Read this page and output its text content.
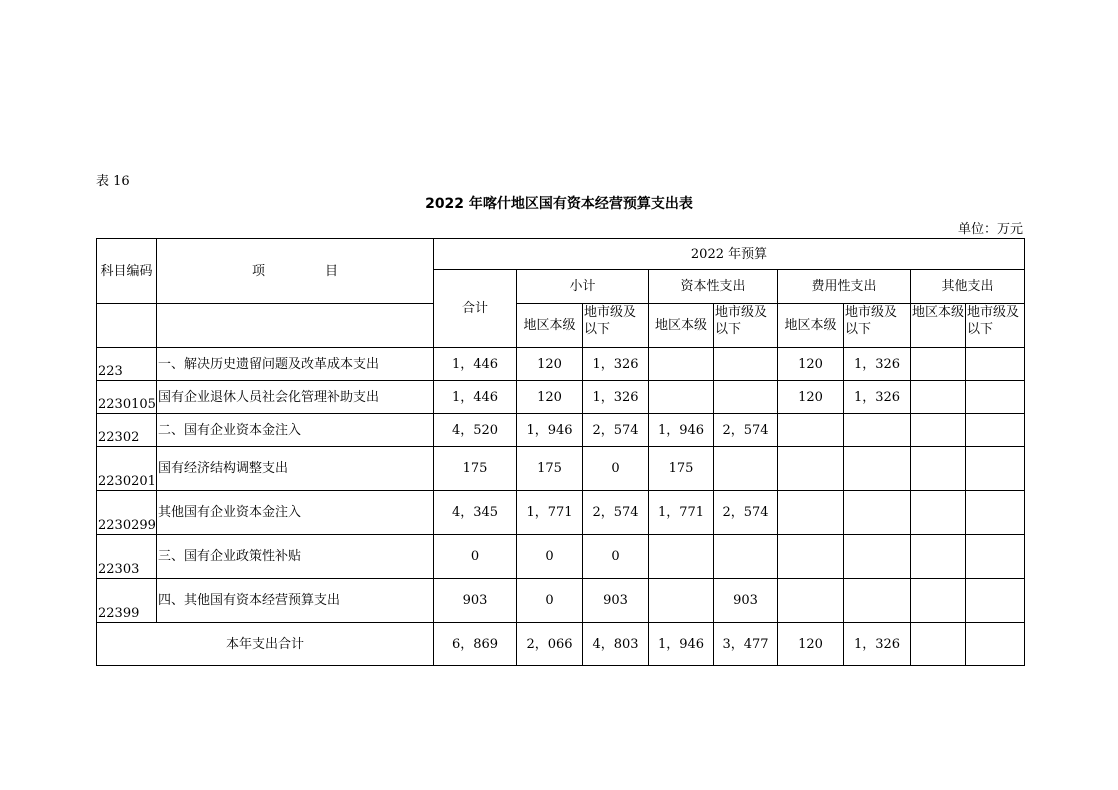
表 16
2022 年喀什地区国有资本经营预算支出表
单位：万元
科目编码	项 目	2022 年预算								
		合计	小计		资本性支出		费用性支出		其他支出	
			地区本级	地市级及以下	地区本级	地市级及以下	地区本级	地市级及以下	地区本级	地市级及以下
223	一、解决历史遗留问题及改革成本支出	1，446	120	1，326			120	1，326		
2230105	国有企业退休人员社会化管理补助支出	1，446	120	1，326			120	1，326		
22302	二、国有企业资本金注入	4，520	1，946	2，574	1，946	2，574				
2230201	国有经济结构调整支出	175	175	0	175					
2230299	其他国有企业资本金注入	4，345	1，771	2，574	1，771	2，574				
22303	三、国有企业政策性补贴	0	0	0						
22399	四、其他国有资本经营预算支出	903	0	903		903				
本年支出合计		6，869	2，066	4，803	1，946	3，477	120	1，326		
